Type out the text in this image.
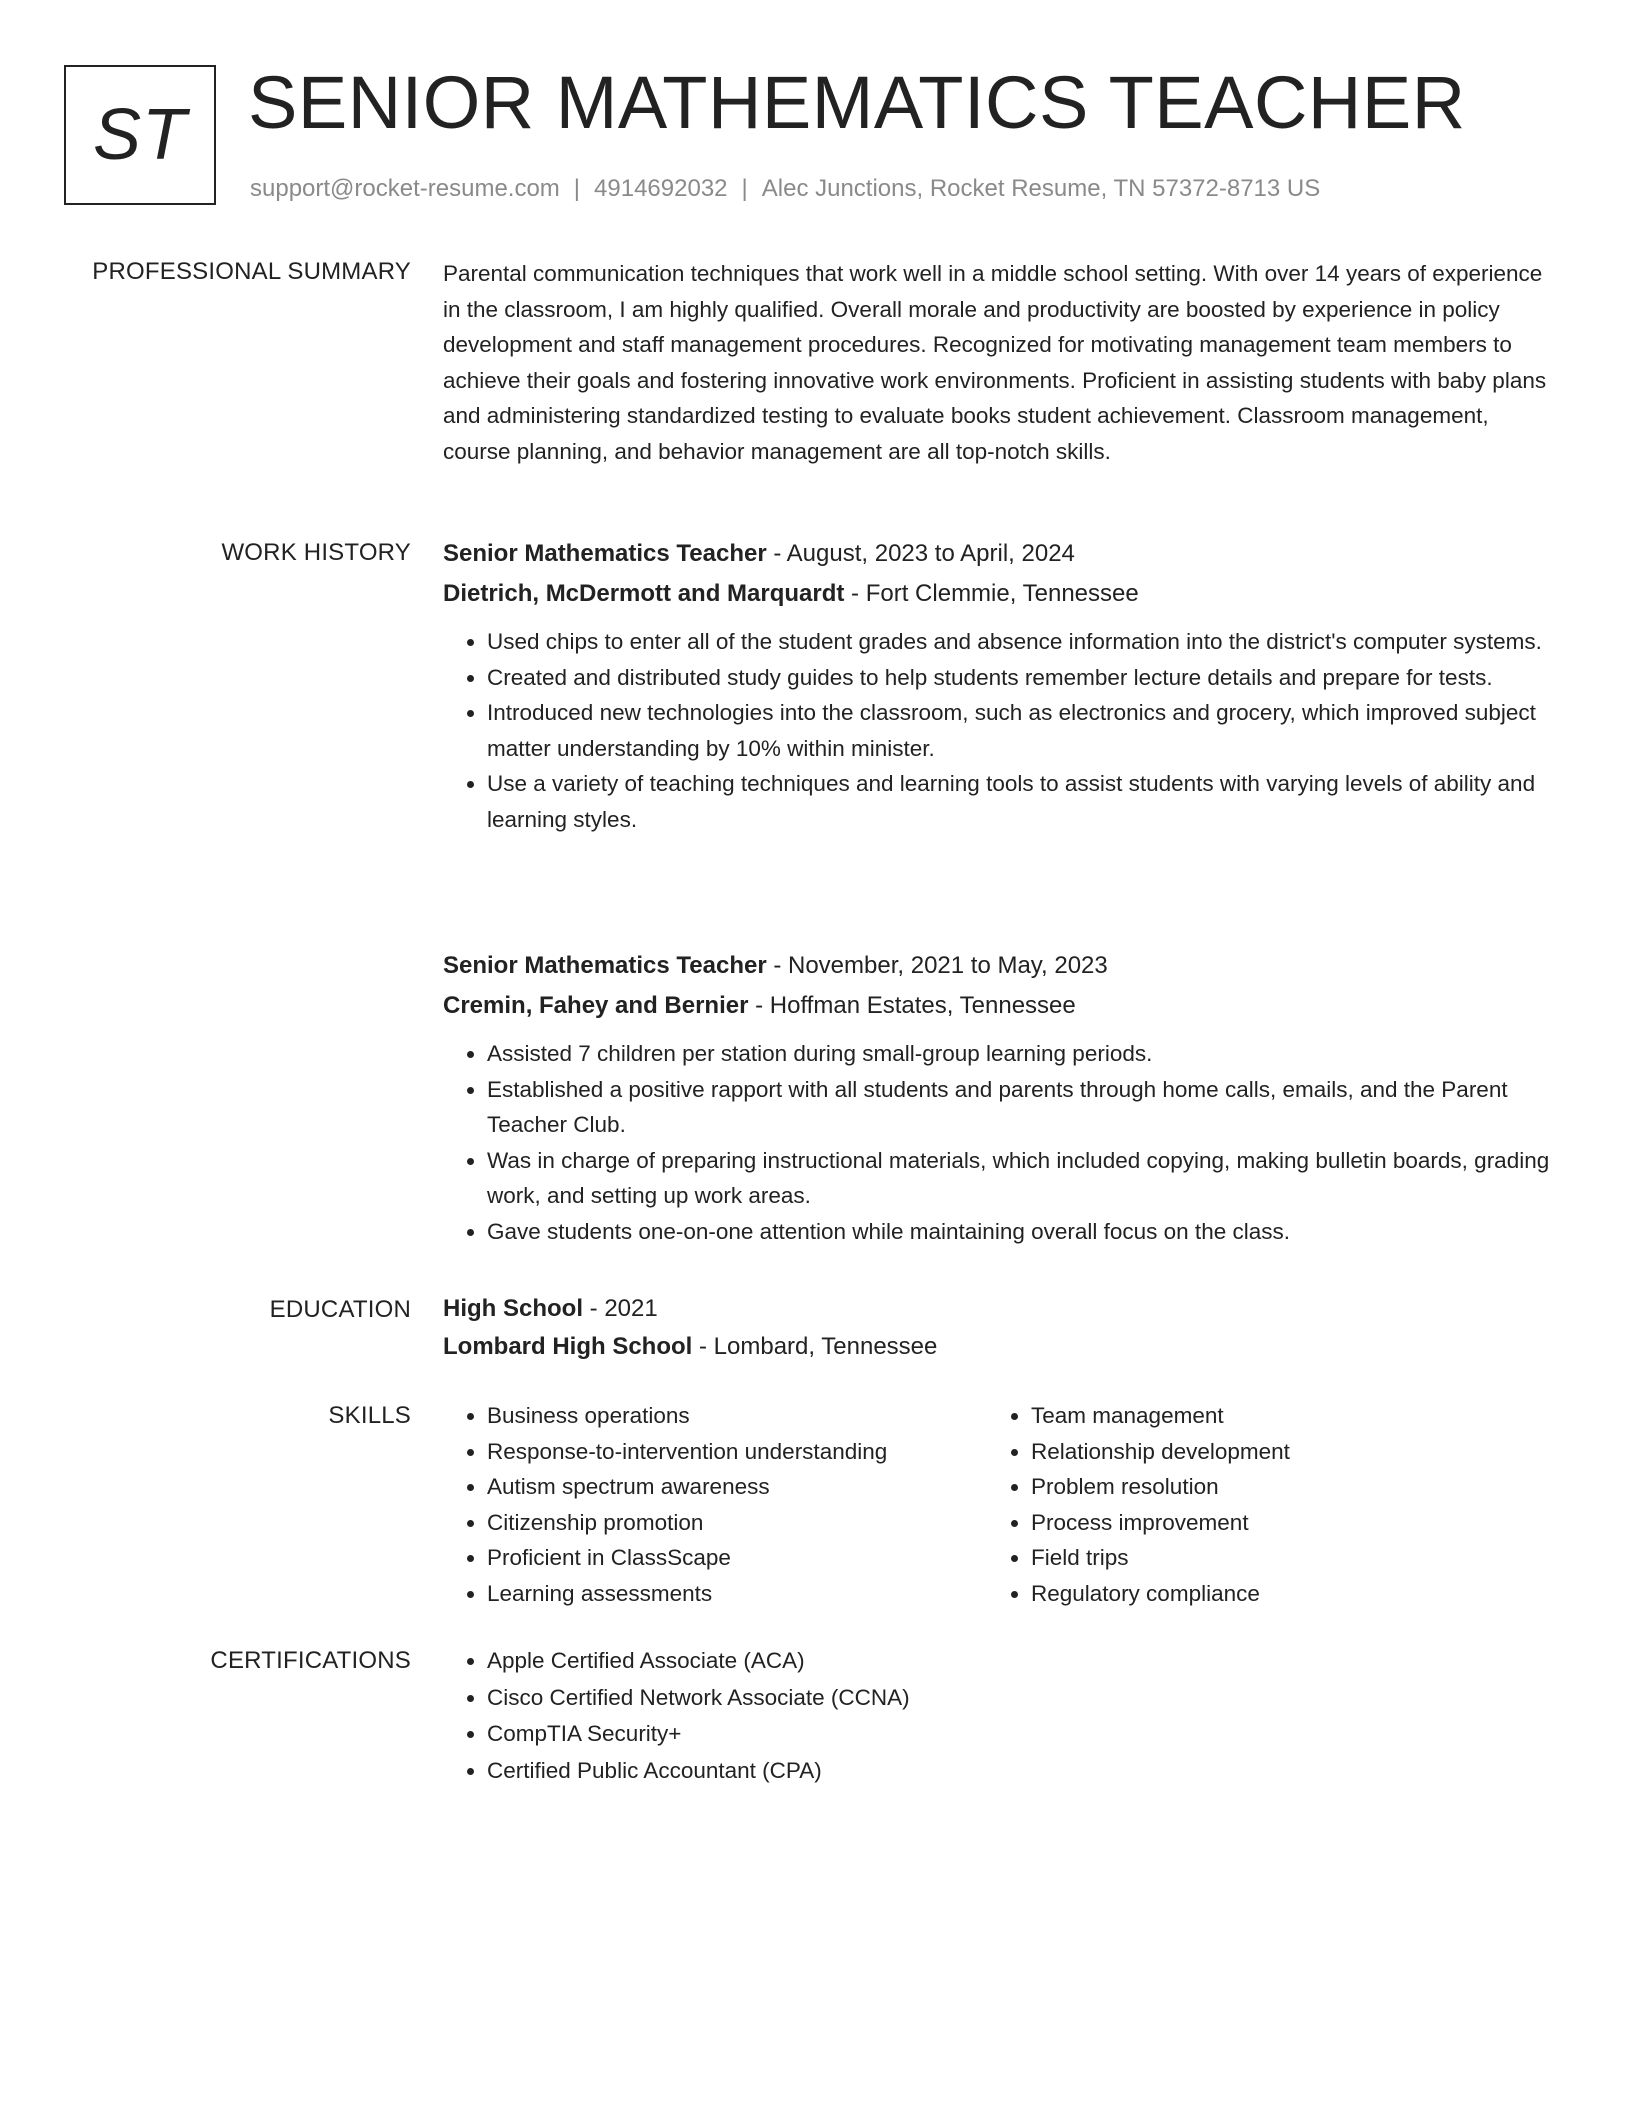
ST SENIOR MATHEMATICS TEACHER
support@rocket-resume.com | 4914692032 | Alec Junctions, Rocket Resume, TN 57372-8713 US
PROFESSIONAL SUMMARY Parental communication techniques that work well in a middle school setting. With over 14 years of experience in the classroom, I am highly qualified. Overall morale and productivity are boosted by experience in policy development and staff management procedures. Recognized for motivating management team members to achieve their goals and fostering innovative work environments. Proficient in assisting students with baby plans and administering standardized testing to evaluate books student achievement. Classroom management, course planning, and behavior management are all top-notch skills.
WORK HISTORY Senior Mathematics Teacher - August, 2023 to April, 2024
Dietrich, McDermott and Marquardt - Fort Clemmie, Tennessee
• Used chips to enter all of the student grades and absence information into the district's computer systems.
• Created and distributed study guides to help students remember lecture details and prepare for tests.
• Introduced new technologies into the classroom, such as electronics and grocery, which improved subject matter understanding by 10% within minister.
• Use a variety of teaching techniques and learning tools to assist students with varying levels of ability and learning styles.
Senior Mathematics Teacher - November, 2021 to May, 2023
Cremin, Fahey and Bernier - Hoffman Estates, Tennessee
• Assisted 7 children per station during small-group learning periods.
• Established a positive rapport with all students and parents through home calls, emails, and the Parent Teacher Club.
• Was in charge of preparing instructional materials, which included copying, making bulletin boards, grading work, and setting up work areas.
• Gave students one-on-one attention while maintaining overall focus on the class.
EDUCATION High School - 2021
Lombard High School - Lombard, Tennessee
SKILLS	• Business operations
• Response-to-intervention understanding
• Autism spectrum awareness
• Citizenship promotion
• Proficient in ClassScape
• Learning assessments
• Team management
• Relationship development
• Problem resolution
• Process improvement
• Field trips
• Regulatory compliance
CERTIFICATIONS	• Apple Certified Associate (ACA)
• Cisco Certified Network Associate (CCNA)
• CompTIA Security+
• Certified Public Accountant (CPA)
